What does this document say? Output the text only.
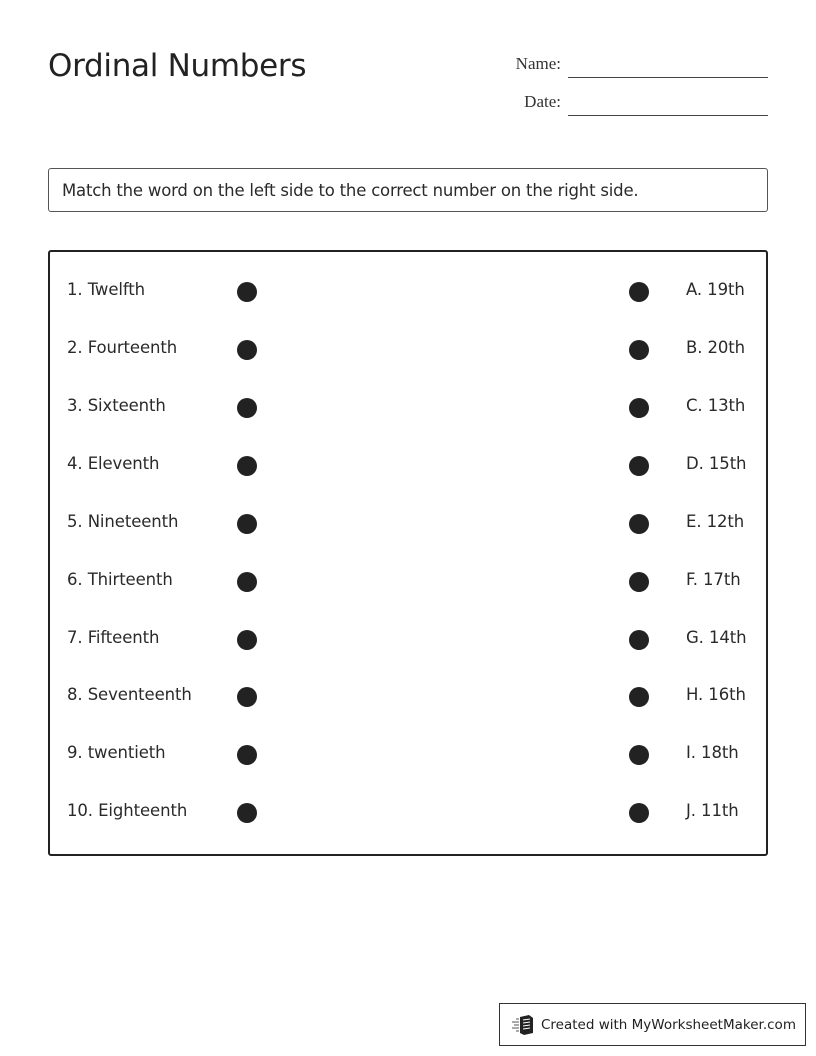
Ordinal Numbers	Name:
Date:
Match the word on the left side to the correct number on the right side.
1. Twelfth	A. 19th
2. Fourteenth	B. 20th
3. Sixteenth	C. 13th
4. Eleventh	D. 15th
5. Nineteenth	E. 12th
6. Thirteenth	F. 17th
7. Fifteenth	G. 14th
8. Seventeenth	H. 16th
9. twentieth	I. 18th
10. Eighteenth	J. 11th
Created with MyWorksheetMaker.com
